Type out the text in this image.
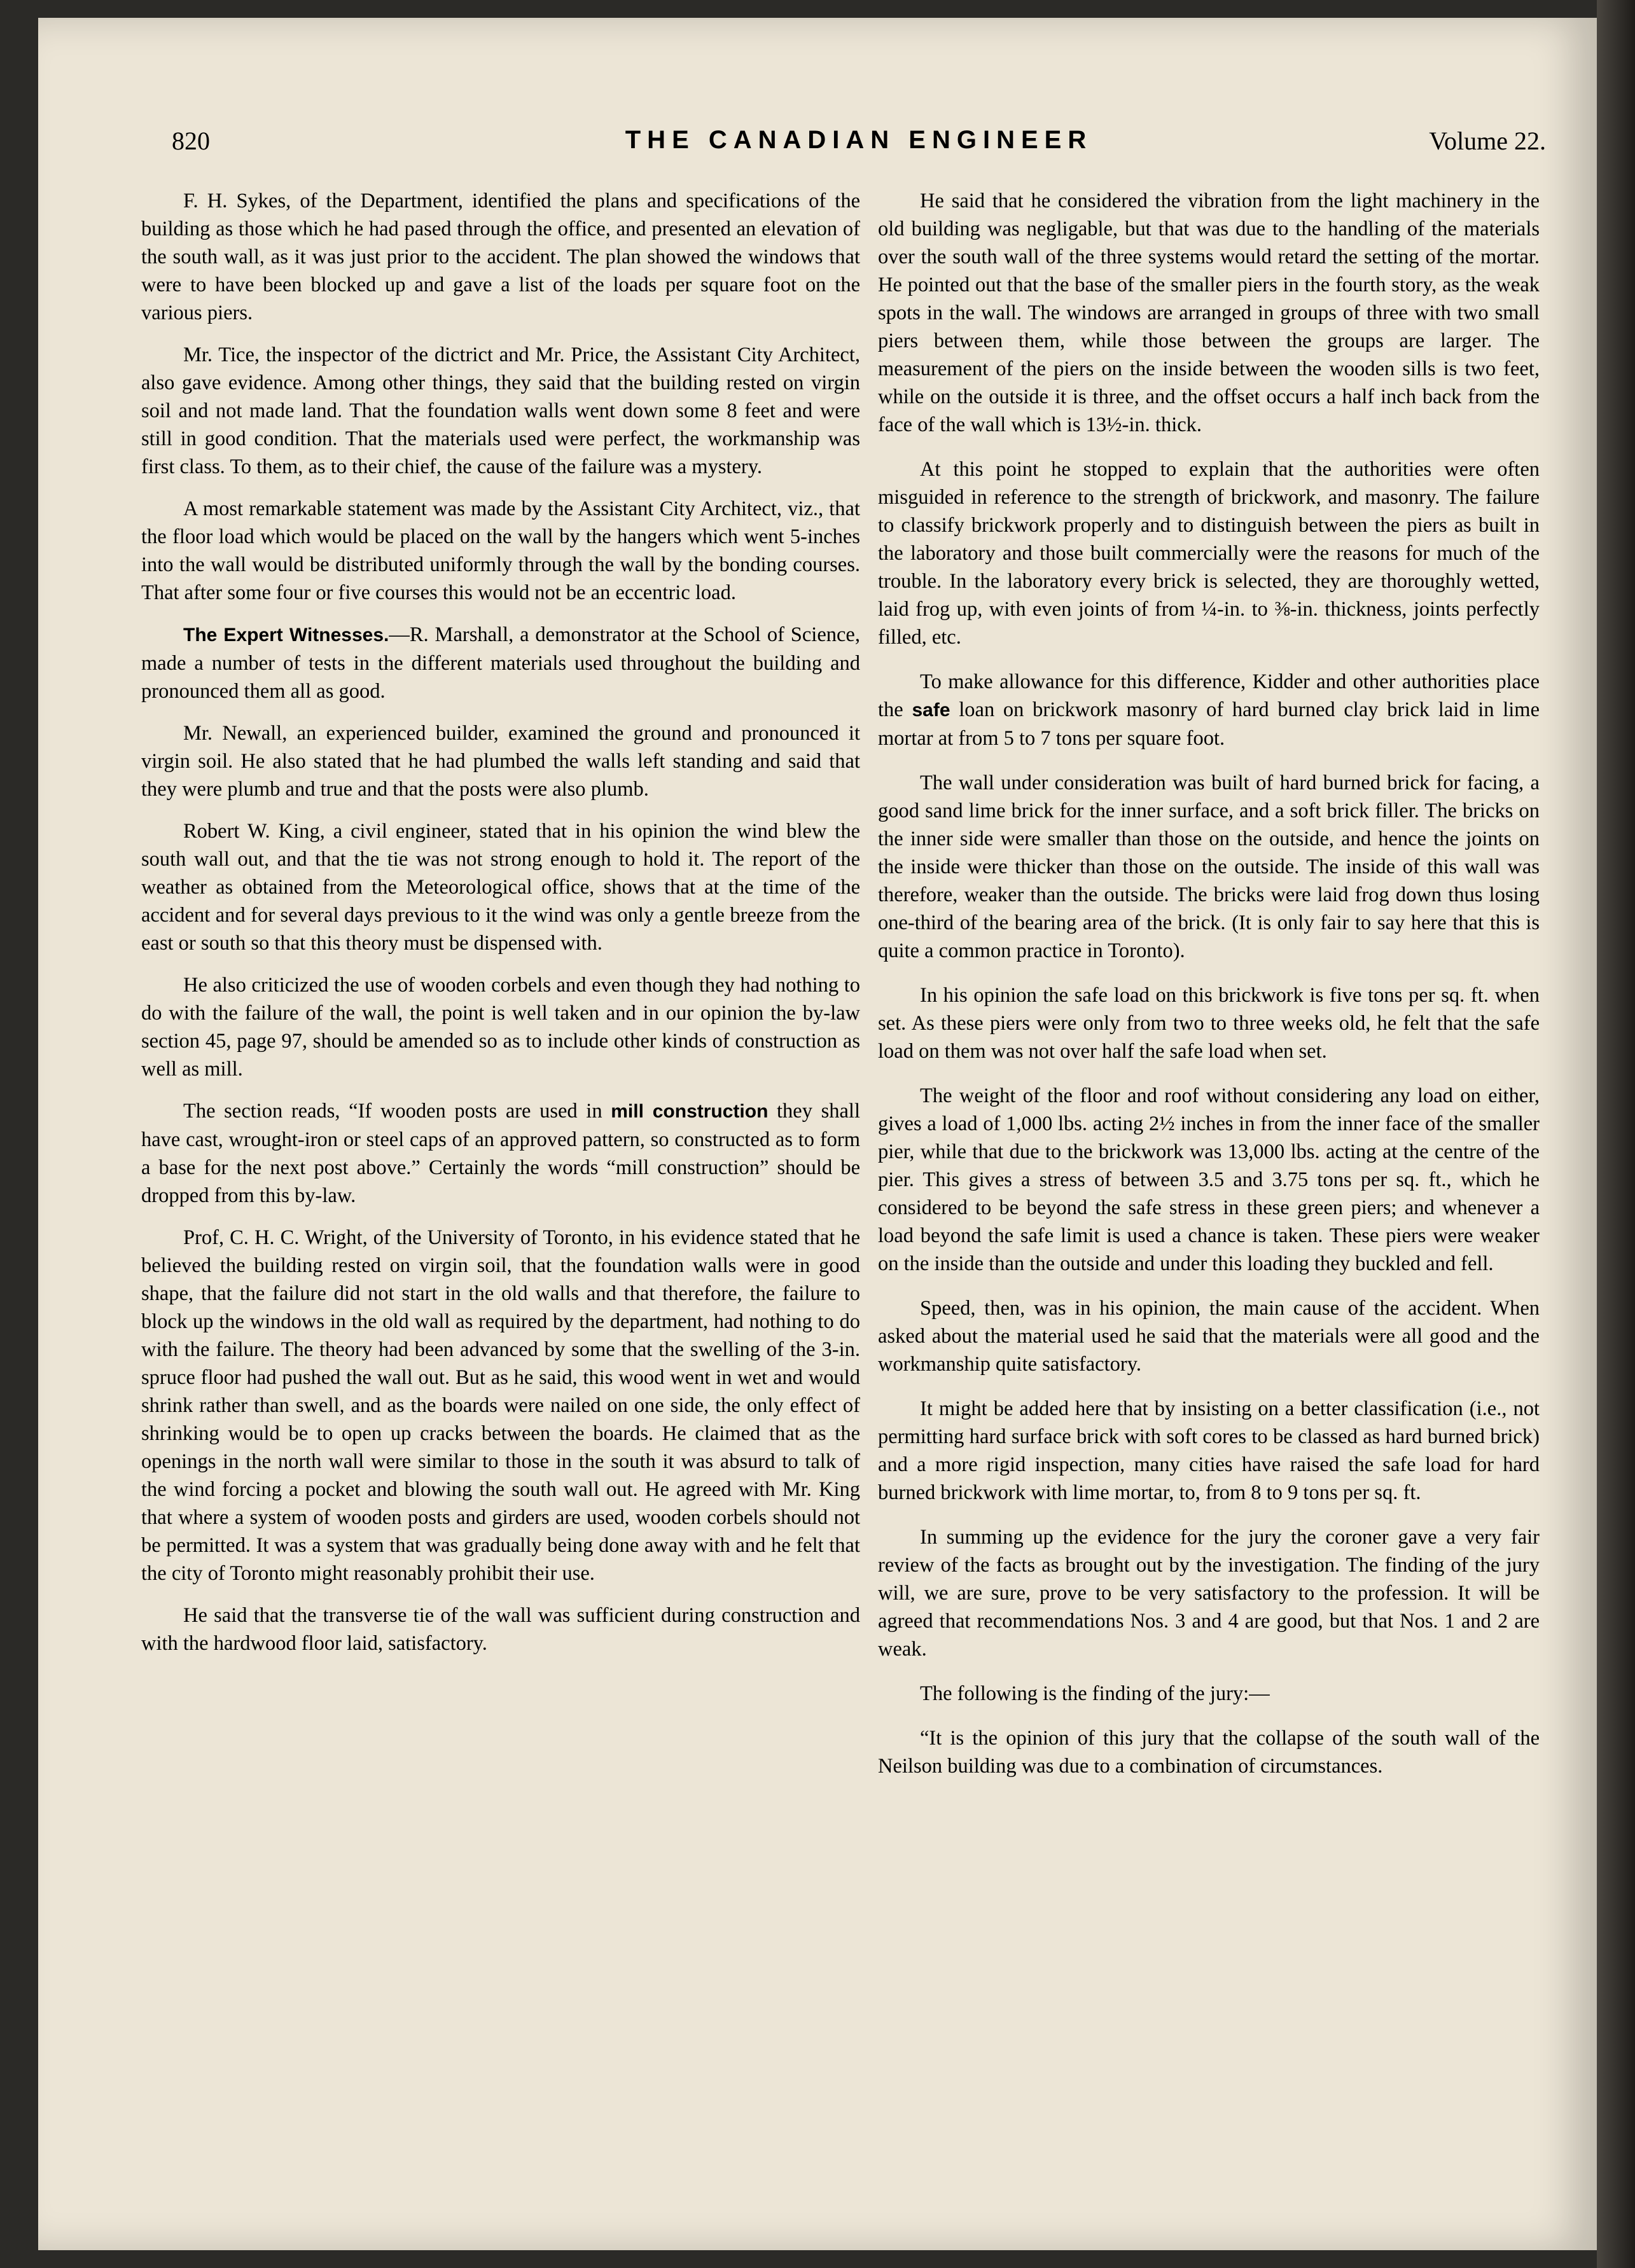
820	THE CANADIAN ENGINEER	Volume 22.

F. H. Sykes, of the Department, identified the plans and specifications of the building as those which he had pased through the office, and presented an elevation of the south wall, as it was just prior to the accident. The plan showed the windows that were to have been blocked up and gave a list of the loads per square foot on the various piers.

Mr. Tice, the inspector of the dictrict and Mr. Price, the Assistant City Architect, also gave evidence. Among other things, they said that the building rested on virgin soil and not made land. That the foundation walls went down some 8 feet and were still in good condition. That the materials used were perfect, the workmanship was first class. To them, as to their chief, the cause of the failure was a mystery.

A most remarkable statement was made by the Assistant City Architect, viz., that the floor load which would be placed on the wall by the hangers which went 5-inches into the wall would be distributed uniformly through the wall by the bonding courses. That after some four or five courses this would not be an eccentric load.

The Expert Witnesses.—R. Marshall, a demonstrator at the School of Science, made a number of tests in the different materials used throughout the building and pronounced them all as good.

Mr. Newall, an experienced builder, examined the ground and pronounced it virgin soil. He also stated that he had plumbed the walls left standing and said that they were plumb and true and that the posts were also plumb.

Robert W. King, a civil engineer, stated that in his opinion the wind blew the south wall out, and that the tie was not strong enough to hold it. The report of the weather as obtained from the Meteorological office, shows that at the time of the accident and for several days previous to it the wind was only a gentle breeze from the east or south so that this theory must be dispensed with.

He also criticized the use of wooden corbels and even though they had nothing to do with the failure of the wall, the point is well taken and in our opinion the by-law section 45, page 97, should be amended so as to include other kinds of construction as well as mill.

The section reads, “If wooden posts are used in mill construction they shall have cast, wrought-iron or steel caps of an approved pattern, so constructed as to form a base for the next post above.” Certainly the words “mill construction” should be dropped from this by-law.

Prof, C. H. C. Wright, of the University of Toronto, in his evidence stated that he believed the building rested on virgin soil, that the foundation walls were in good shape, that the failure did not start in the old walls and that therefore, the failure to block up the windows in the old wall as required by the department, had nothing to do with the failure. The theory had been advanced by some that the swelling of the 3-in. spruce floor had pushed the wall out. But as he said, this wood went in wet and would shrink rather than swell, and as the boards were nailed on one side, the only effect of shrinking would be to open up cracks between the boards. He claimed that as the openings in the north wall were similar to those in the south it was absurd to talk of the wind forcing a pocket and blowing the south wall out. He agreed with Mr. King that where a system of wooden posts and girders are used, wooden corbels should not be permitted. It was a system that was gradually being done away with and he felt that the city of Toronto might reasonably prohibit their use.

He said that the transverse tie of the wall was sufficient during construction and with the hardwood floor laid, satisfactory.

He said that he considered the vibration from the light machinery in the old building was negligable, but that was due to the handling of the materials over the south wall of the three systems would retard the setting of the mortar. He pointed out that the base of the smaller piers in the fourth story, as the weak spots in the wall. The windows are arranged in groups of three with two small piers between them, while those between the groups are larger. The measurement of the piers on the inside between the wooden sills is two feet, while on the outside it is three, and the offset occurs a half inch back from the face of the wall which is 13½-in. thick.

At this point he stopped to explain that the authorities were often misguided in reference to the strength of brickwork, and masonry. The failure to classify brickwork properly and to distinguish between the piers as built in the laboratory and those built commercially were the reasons for much of the trouble. In the laboratory every brick is selected, they are thoroughly wetted, laid frog up, with even joints of from ¼-in. to ⅜-in. thickness, joints perfectly filled, etc.

To make allowance for this difference, Kidder and other authorities place the safe loan on brickwork masonry of hard burned clay brick laid in lime mortar at from 5 to 7 tons per square foot.

The wall under consideration was built of hard burned brick for facing, a good sand lime brick for the inner surface, and a soft brick filler. The bricks on the inner side were smaller than those on the outside, and hence the joints on the inside were thicker than those on the outside. The inside of this wall was therefore, weaker than the outside. The bricks were laid frog down thus losing one-third of the bearing area of the brick. (It is only fair to say here that this is quite a common practice in Toronto).

In his opinion the safe load on this brickwork is five tons per sq. ft. when set. As these piers were only from two to three weeks old, he felt that the safe load on them was not over half the safe load when set.

The weight of the floor and roof without considering any load on either, gives a load of 1,000 lbs. acting 2½ inches in from the inner face of the smaller pier, while that due to the brickwork was 13,000 lbs. acting at the centre of the pier. This gives a stress of between 3.5 and 3.75 tons per sq. ft., which he considered to be beyond the safe stress in these green piers; and whenever a load beyond the safe limit is used a chance is taken. These piers were weaker on the inside than the outside and under this loading they buckled and fell.

Speed, then, was in his opinion, the main cause of the accident. When asked about the material used he said that the materials were all good and the workmanship quite satisfactory.

It might be added here that by insisting on a better classification (i.e., not permitting hard surface brick with soft cores to be classed as hard burned brick) and a more rigid inspection, many cities have raised the safe load for hard burned brickwork with lime mortar, to, from 8 to 9 tons per sq. ft.

In summing up the evidence for the jury the coroner gave a very fair review of the facts as brought out by the investigation. The finding of the jury will, we are sure, prove to be very satisfactory to the profession. It will be agreed that recommendations Nos. 3 and 4 are good, but that Nos. 1 and 2 are weak.

The following is the finding of the jury:—

“It is the opinion of this jury that the collapse of the south wall of the Neilson building was due to a combination of circumstances.
